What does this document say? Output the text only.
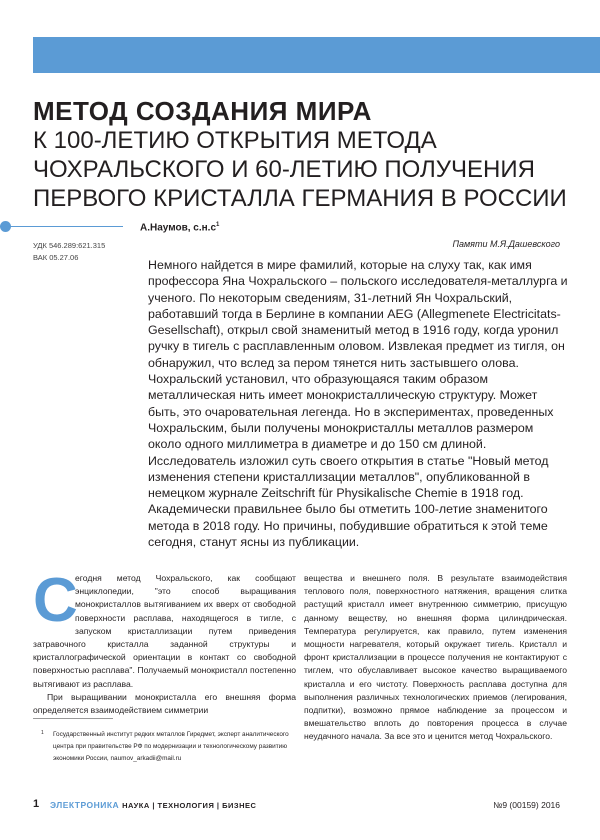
МЕТОД СОЗДАНИЯ МИРА
К 100-ЛЕТИЮ ОТКРЫТИЯ МЕТОДА
ЧОХРАЛЬСКОГО И 60-ЛЕТИЮ ПОЛУЧЕНИЯ
ПЕРВОГО КРИСТАЛЛА ГЕРМАНИЯ В РОССИИ
А.Наумов, $с.н.с^1$
УДК 546.289:621.315
ВАК 05.27.06
Памяти М.Я.Дашевского

Немного найдется в мире фамилий, которые на слуху так, как имя профессора Яна Чохральского – польского исследователя-металлурга и ученого. По некоторым сведениям, 31-летний Ян Чохральский, работавший тогда в Берлине в компании AEG (Allegmenete Electricitats-Gesellschaft), открыл свой знаменитый метод в 1916 году, когда уронил ручку в тигель с расплавленным оловом. Извлекая предмет из тигля, он обнаружил, что вслед за пером тянется нить застывшего олова. Чохральский установил, что образующаяся таким образом металлическая нить имеет монокристаллическую структуру. Может быть, это очаровательная легенда. Но в экспериментах, проведенных Чохральским, были получены монокристаллы металлов размером около одного миллиметра в диаметре и до 150 см длиной. Исследователь изложил суть своего открытия в статье "Новый метод изменения степени кристаллизации металлов", опубликованной в немецком журнале Zeitschrift für Physikalische Chemie в 1918 год. Академически правильнее было бы отметить 100-летие знаменитого метода в 2018 году. Но причины, побудившие обратиться к этой теме сегодня, станут ясны из публикации.

С
егодня метод Чохральского, как сообщают энциклопедии, "это способ выращивания монокристаллов вытягиванием их вверх от свободной поверхности расплава, находящегося в тигле, с запуском кристаллизации путем приведения затравочного кристалла заданной структуры и кристаллографической ориентации в контакт со свободной поверхностью расплава". Получаемый монокристалл постепенно вытягивают из расплава.

При выращивании монокристалла его внешняя форма определяется взаимодействием симметрии

вещества и внешнего поля. В результате взаимодействия теплового поля, поверхностного натяжения, вращения слитка растущий кристалл имеет внутреннюю симметрию, присущую данному веществу, но внешняя форма цилиндрическая. Температура регулируется, как правило, путем изменения мощности нагревателя, который окружает тигель. Кристалл и фронт кристаллизации в процессе получения не контактируют с тиглем, что обуславливает высокое качество выращиваемого кристалла и его чистоту. Поверхность расплава доступна для выполнения различных технологических приемов (легирования, подпитки), возможно прямое наблюдение за процессом и вмешательство вплоть до повторения процесса в случае неудачного начала. За все это и ценится метод Чохральского.

1	Государственный институт редких металлов Гиредмет, эксперт аналитического центра при правительстве РФ по модернизации и технологическому развитию экономики России, naumov_arkadii@mail.ru
1 ЭЛЕКТРОНИКА НАУКА | ТЕХНОЛОГИЯ | БИЗНЕС	№9 (00159) 2016
